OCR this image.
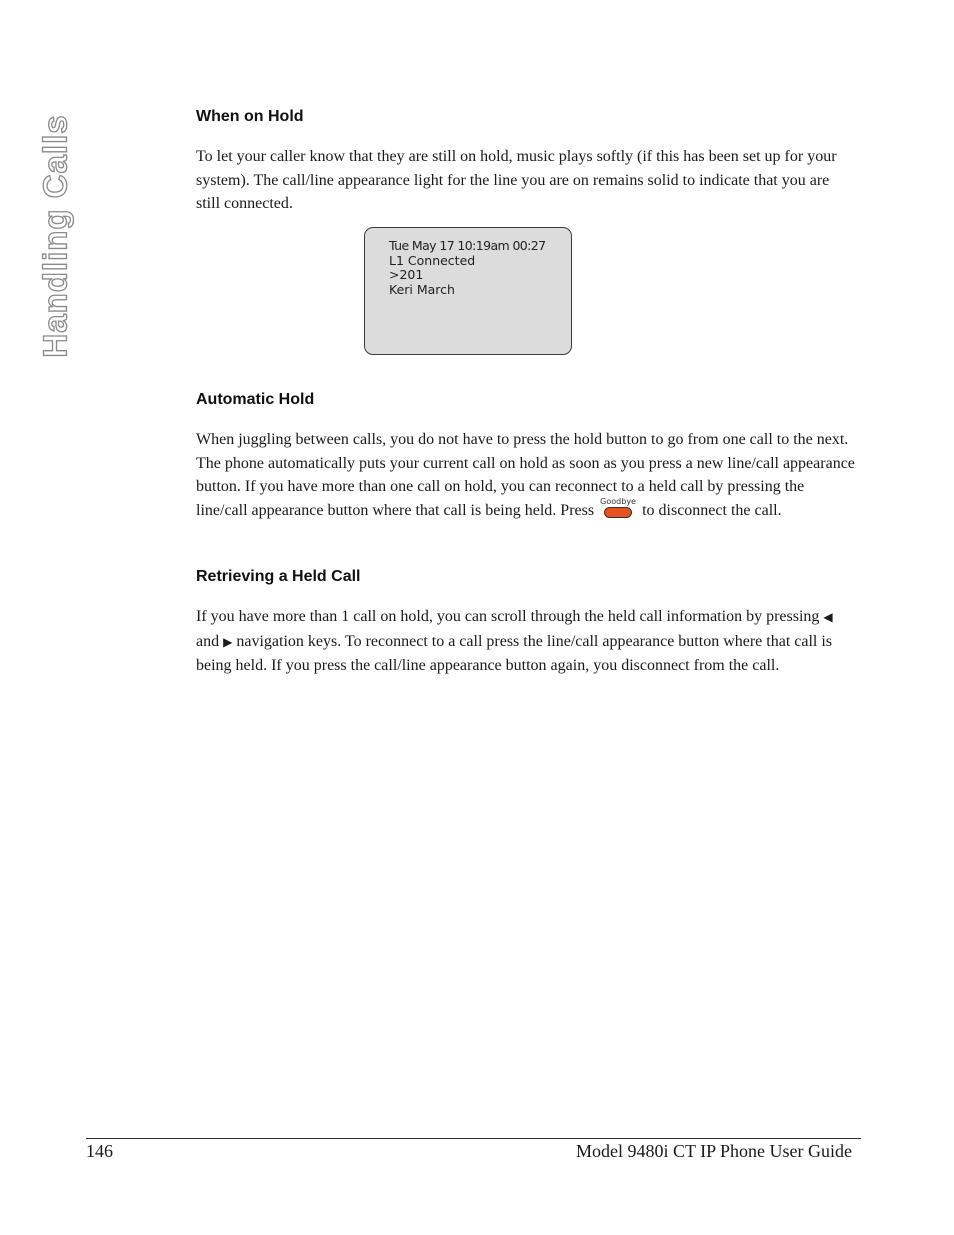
Handling Calls	When on Hold

To let your caller know that they are still on hold, music plays softly (if this has been set up for your system). The call/line appearance light for the line you are on remains solid to indicate that you are still connected.

Tue May 17 10:19am 00:27
L1 Connected
>201
Keri March
Automatic Hold

When juggling between calls, you do not have to press the hold button to go from one call to the next. The phone automatically puts your current call on hold as soon as you press a new line/call appearance button. If you have more than one call on hold, you can reconnect to a held call by pressing the line/call appearance button where that call is being held. Press
Goodbye
to disconnect the call.

Retrieving a Held Call

If you have more than 1 call on hold, you can scroll through the held call information by pressing ◀ and ▶ navigation keys. To reconnect to a call press the line/call appearance button where that call is being held. If you press the call/line appearance button again, you disconnect from the call.

146	Model 9480i CT IP Phone User Guide
